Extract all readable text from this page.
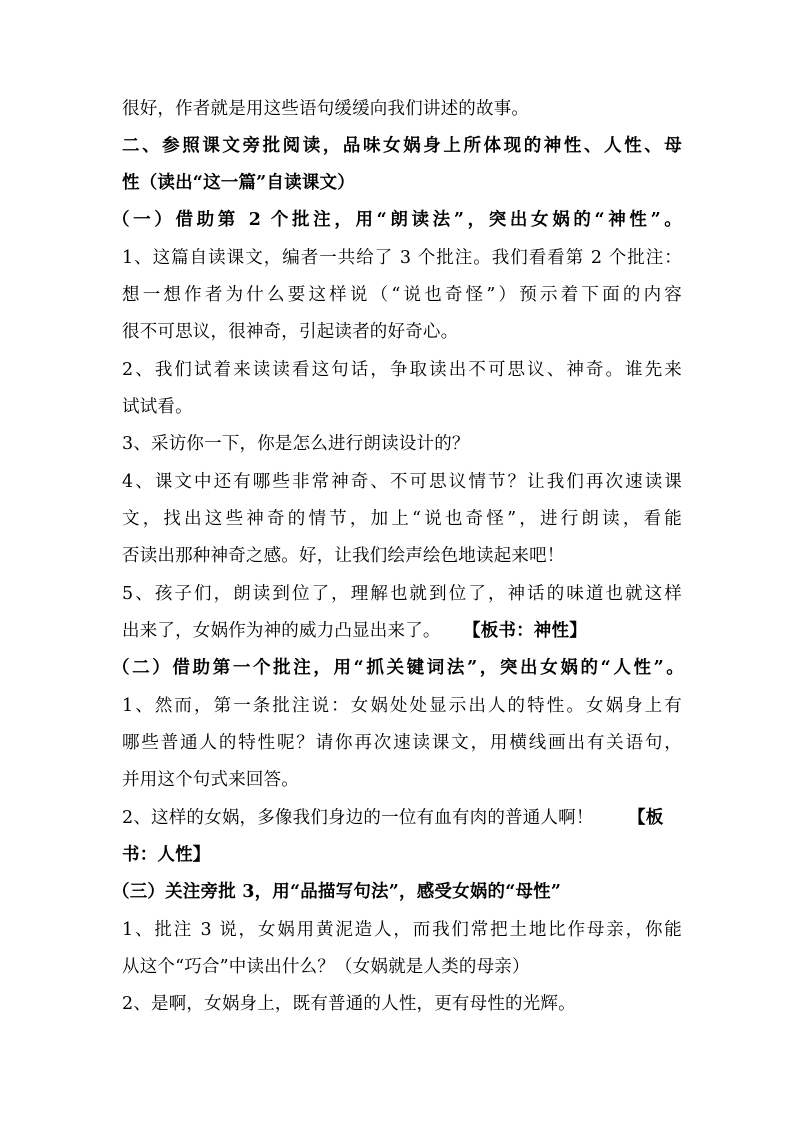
很好，作者就是用这些语句缓缓向我们讲述的故事。
二、参照课文旁批阅读，品味女娲身上所体现的神性、人性、母
性（读出“这一篇”自读课文）
（一）借助第 2 个批注，用“朗读法”，突出女娲的“神性”。
1、这篇自读课文，编者一共给了 3 个批注。我们看看第 2 个批注：
想一想作者为什么要这样说（“说也奇怪”）预示着下面的内容
很不可思议，很神奇，引起读者的好奇心。
2、我们试着来读读看这句话，争取读出不可思议、神奇。谁先来
试试看。
3、采访你一下，你是怎么进行朗读设计的？
4、课文中还有哪些非常神奇、不可思议情节？让我们再次速读课
文，找出这些神奇的情节，加上“说也奇怪”，进行朗读，看能
否读出那种神奇之感。好，让我们绘声绘色地读起来吧！
5、孩子们，朗读到位了，理解也就到位了，神话的味道也就这样
出来了，女娲作为神的威力凸显出来了。	【板书：神性】
（二）借助第一个批注，用“抓关键词法”，突出女娲的“人性”。
1、然而，第一条批注说：女娲处处显示出人的特性。女娲身上有
哪些普通人的特性呢？请你再次速读课文，用横线画出有关语句，
并用这个句式来回答。
2、这样的女娲，多像我们身边的一位有血有肉的普通人啊！	【板
书：人性】
（三）关注旁批 3，用“品描写句法”，感受女娲的“母性”
1、批注 3 说，女娲用黄泥造人，而我们常把土地比作母亲，你能
从这个“巧合”中读出什么？（女娲就是人类的母亲）
2、是啊，女娲身上，既有普通的人性，更有母性的光辉。
